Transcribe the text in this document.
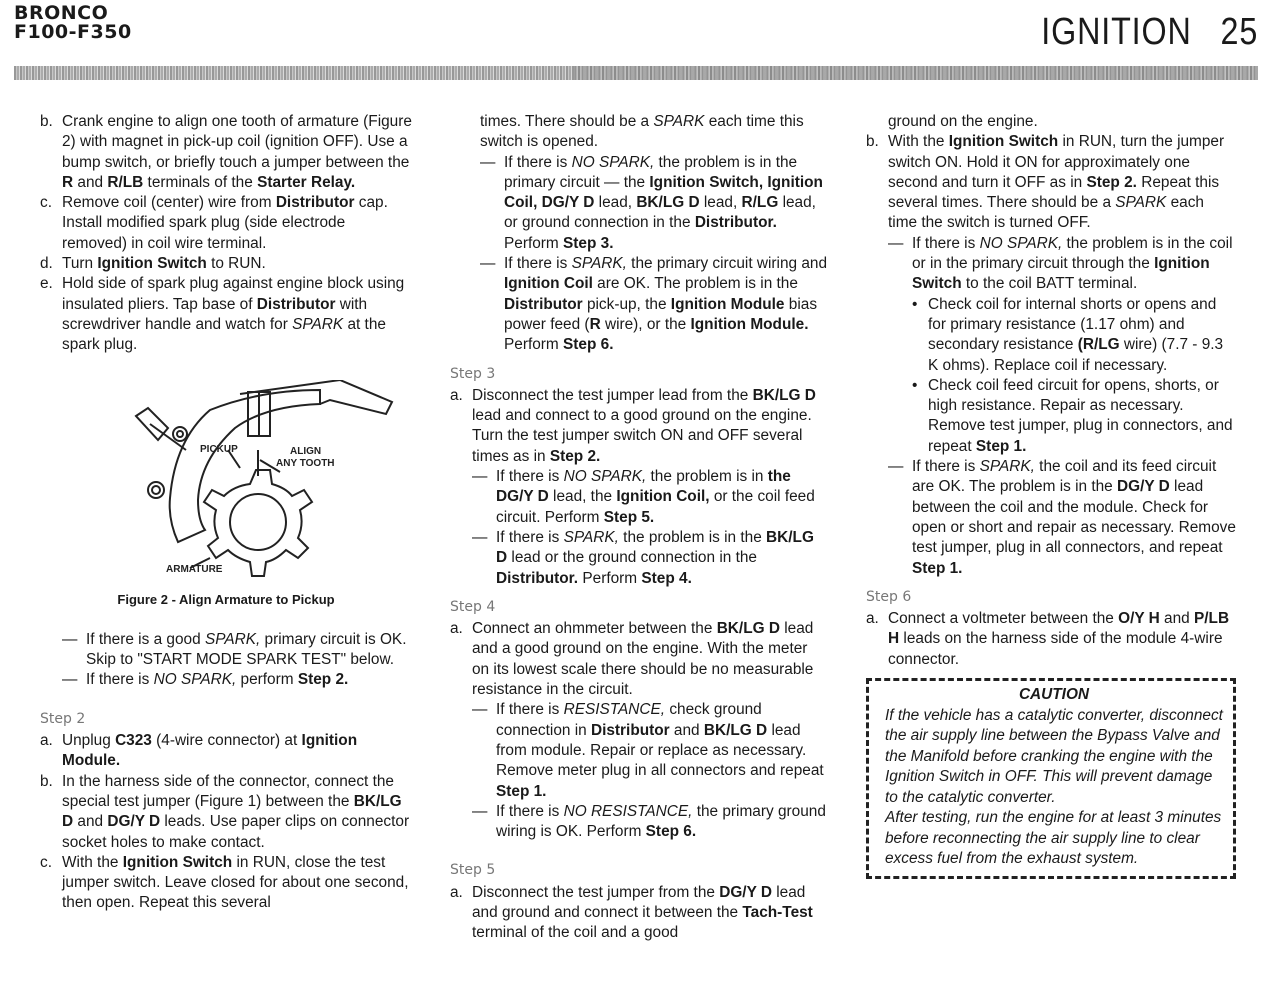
BRONCO
F100-F350	IGNITION 25
b. Crank engine to align one tooth of armature (Figure 2) with magnet in pick-up coil (ignition OFF). Use a bump switch, or briefly touch a jumper between the R and R/LB terminals of the Starter Relay.
c. Remove coil (center) wire from Distributor cap. Install modified spark plug (side electrode removed) in coil wire terminal.
d. Turn Ignition Switch to RUN.
e. Hold side of spark plug against engine block using insulated pliers. Tap base of Distributor with screwdriver handle and watch for SPARK at the spark plug.
PICKUP	ALIGN
ANY TOOTH
ARMATURE
Figure 2 - Align Armature to Pickup
— If there is a good SPARK, primary circuit is OK. Skip to "START MODE SPARK TEST" below.
— If there is NO SPARK, perform Step 2.
Step 2
a. Unplug C323 (4-wire connector) at Ignition Module.
b. In the harness side of the connector, connect the special test jumper (Figure 1) between the BK/LG D and DG/Y D leads. Use paper clips on connector socket holes to make contact.
c. With the Ignition Switch in RUN, close the test jumper switch. Leave closed for about one second, then open. Repeat this several
times. There should be a SPARK each time this switch is opened.
— If there is NO SPARK, the problem is in the primary circuit — the Ignition Switch, Ignition Coil, DG/Y D lead, BK/LG D lead, R/LG lead, or ground connection in the Distributor. Perform Step 3.
— If there is SPARK, the primary circuit wiring and Ignition Coil are OK. The problem is in the Distributor pick-up, the Ignition Module bias power feed (R wire), or the Ignition Module. Perform Step 6.
Step 3
a. Disconnect the test jumper lead from the BK/LG D lead and connect to a good ground on the engine. Turn the test jumper switch ON and OFF several times as in Step 2.
— If there is NO SPARK, the problem is in the DG/Y D lead, the Ignition Coil, or the coil feed circuit. Perform Step 5.
— If there is SPARK, the problem is in the BK/LG D lead or the ground connection in the Distributor. Perform Step 4.
Step 4
a. Connect an ohmmeter between the BK/LG D lead and a good ground on the engine. With the meter on its lowest scale there should be no measurable resistance in the circuit.
— If there is RESISTANCE, check ground connection in Distributor and BK/LG D lead from module. Repair or replace as necessary. Remove meter plug in all connectors and repeat Step 1.
— If there is NO RESISTANCE, the primary ground wiring is OK. Perform Step 6.
Step 5
a. Disconnect the test jumper from the DG/Y D lead and ground and connect it between the Tach-Test terminal of the coil and a good
ground on the engine.
b. With the Ignition Switch in RUN, turn the jumper switch ON. Hold it ON for approximately one second and turn it OFF as in Step 2. Repeat this several times. There should be a SPARK each time the switch is turned OFF.
— If there is NO SPARK, the problem is in the coil or in the primary circuit through the Ignition Switch to the coil BATT terminal.
• Check coil for internal shorts or opens and for primary resistance (1.17 ohm) and secondary resistance (R/LG wire) (7.7 - 9.3 K ohms). Replace coil if necessary.
• Check coil feed circuit for opens, shorts, or high resistance. Repair as necessary. Remove test jumper, plug in connectors, and repeat Step 1.
— If there is SPARK, the coil and its feed circuit are OK. The problem is in the DG/Y D lead between the coil and the module. Check for open or short and repair as necessary. Remove test jumper, plug in all connectors, and repeat Step 1.
Step 6
a. Connect a voltmeter between the O/Y H and P/LB H leads on the harness side of the module 4-wire connector.
CAUTION
If the vehicle has a catalytic converter, disconnect the air supply line between the Bypass Valve and the Manifold before cranking the engine with the Ignition Switch in OFF. This will prevent damage to the catalytic converter.
After testing, run the engine for at least 3 minutes before reconnecting the air supply line to clear excess fuel from the exhaust system.
